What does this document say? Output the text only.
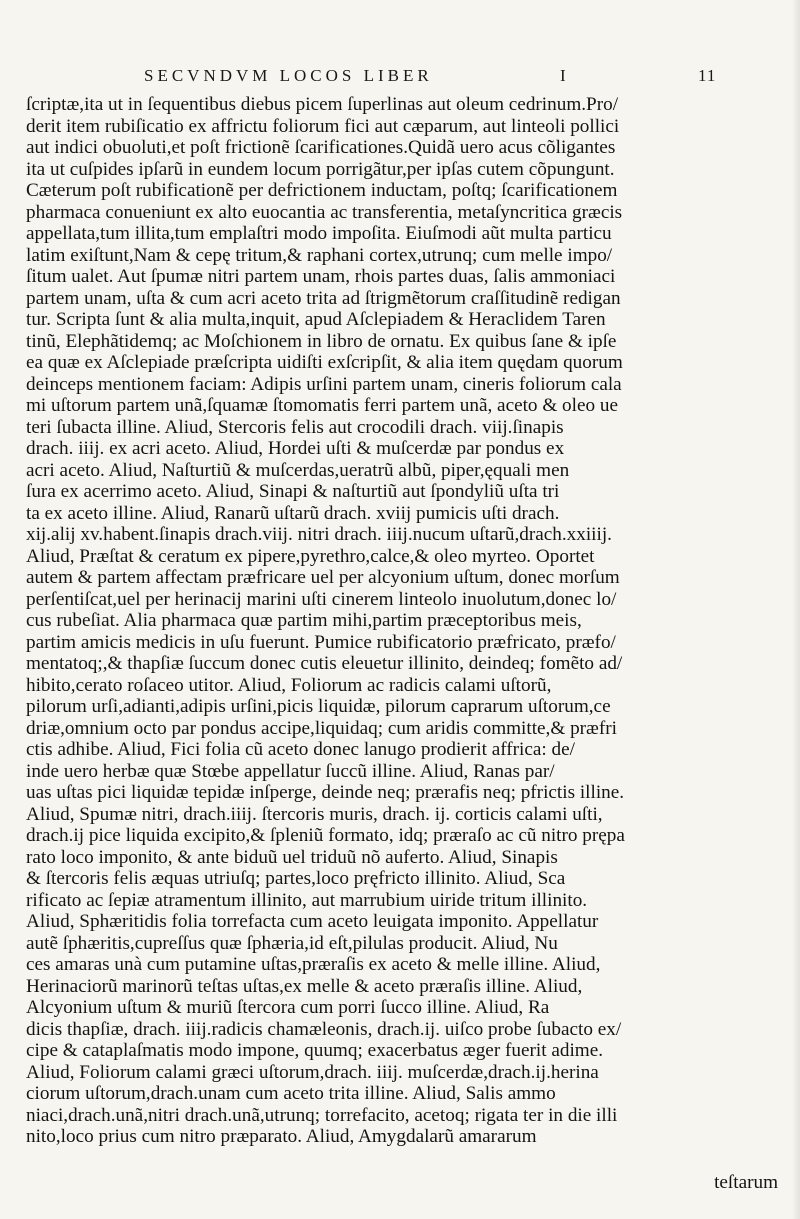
SECVNDVM LOCOS LIBER	I	11
ſcriptæ,ita ut in ſequentibus diebus picem ſuperlinas aut oleum cedrinum.Pro/
derit item rubiſicatio ex affrictu foliorum fici aut cæparum, aut linteoli pollici
aut indici obuoluti,et poſt frictionẽ ſcarificationes.Quidã uero acus cõligantes
ita ut cuſpides ipſarũ in eundem locum porrigãtur,per ipſas cutem cõpungunt.
Cæterum poſt rubificationẽ per defrictionem inductam, poſtq; ſcarificationem
pharmaca conueniunt ex alto euocantia ac transferentia, metaſyncritica græcis
appellata,tum illita,tum emplaſtri modo impoſita. Eiuſmodi aũt multa particu
latim exiſtunt,Nam & cepę tritum,& raphani cortex,utrunq; cum melle impo/
ſitum ualet. Aut ſpumæ nitri partem unam, rhois partes duas, ſalis ammoniaci
partem unam, uſta & cum acri aceto trita ad ſtrigmẽtorum craſſitudinẽ redigan
tur. Scripta ſunt & alia multa,inquit, apud Aſclepiadem & Heraclidem Taren
tinũ, Elephãtidemq; ac Moſchionem in libro de ornatu. Ex quibus ſane & ipſe
ea quæ ex Aſclepiade præſcripta uidiſti exſcripſit, & alia item quędam quorum
deinceps mentionem faciam: Adipis urſini partem unam, cineris foliorum cala
mi uſtorum partem unã,ſquamæ ſtomomatis ferri partem unã, aceto & oleo ue
teri ſubacta illine. Aliud, Stercoris felis aut crocodili drach. viij.ſinapis
drach. iiij. ex acri aceto. Aliud, Hordei uſti & muſcerdæ par pondus ex
acri aceto. Aliud, Naſturtiũ & muſcerdas,ueratrũ albũ, piper,ęquali men
ſura ex acerrimo aceto. Aliud, Sinapi & naſturtiũ aut ſpondyliũ uſta tri
ta ex aceto illine. Aliud, Ranarũ uſtarũ drach. xviij pumicis uſti drach.
xij.alij xv.habent.ſinapis drach.viij. nitri drach. iiij.nucum uſtarũ,drach.xxiiij.
Aliud, Præſtat & ceratum ex pipere,pyrethro,calce,& oleo myrteo. Oportet
autem & partem affectam præfricare uel per alcyonium uſtum, donec morſum
perſentiſcat,uel per herinacij marini uſti cinerem linteolo inuolutum,donec lo/
cus rubeſiat. Alia pharmaca quæ partim mihi,partim præceptoribus meis,
partim amicis medicis in uſu fuerunt. Pumice rubificatorio præfricato, præfo/
mentatoq;,& thapſiæ ſuccum donec cutis eleuetur illinito, deindeq; fomẽto ad/
hibito,cerato roſaceo utitor. Aliud, Foliorum ac radicis calami uſtorũ,
pilorum urſi,adianti,adipis urſini,picis liquidæ, pilorum caprarum uſtorum,ce
driæ,omnium octo par pondus accipe,liquidaq; cum aridis committe,& præfri
ctis adhibe. Aliud, Fici folia cũ aceto donec lanugo prodierit affrica: de/
inde uero herbæ quæ Stœbe appellatur ſuccũ illine. Aliud, Ranas par/
uas uſtas pici liquidæ tepidæ inſperge, deinde neq; prærafis neq; pfrictis illine.
Aliud, Spumæ nitri, drach.iiij. ſtercoris muris, drach. ij. corticis calami uſti,
drach.ij pice liquida excipito,& ſpleniũ formato, idq; præraſo ac cũ nitro prępa
rato loco imponito, & ante biduũ uel triduũ nõ auferto. Aliud, Sinapis
& ſtercoris felis æquas utriuſq; partes,loco pręfricto illinito. Aliud, Sca
rificato ac ſepiæ atramentum illinito, aut marrubium uiride tritum illinito.
Aliud, Sphæritidis folia torrefacta cum aceto leuigata imponito. Appellatur
autẽ ſphæritis,cupreſſus quæ ſphæria,id eſt,pilulas producit. Aliud, Nu
ces amaras unà cum putamine uſtas,præraſis ex aceto & melle illine. Aliud,
Herinaciorũ marinorũ teſtas uſtas,ex melle & aceto præraſis illine. Aliud,
Alcyonium uſtum & muriũ ſtercora cum porri ſucco illine. Aliud, Ra
dicis thapſiæ, drach. iiij.radicis chamæleonis, drach.ij. uiſco probe ſubacto ex/
cipe & cataplaſmatis modo impone, quumq; exacerbatus æger fuerit adime.
Aliud, Foliorum calami græci uſtorum,drach. iiij. muſcerdæ,drach.ij.herina
ciorum uſtorum,drach.unam cum aceto trita illine. Aliud, Salis ammo
niaci,drach.unã,nitri drach.unã,utrunq; torrefacito, acetoq; rigata ter in die illi
nito,loco prius cum nitro præparato. Aliud, Amygdalarũ amararum
teſtarum
